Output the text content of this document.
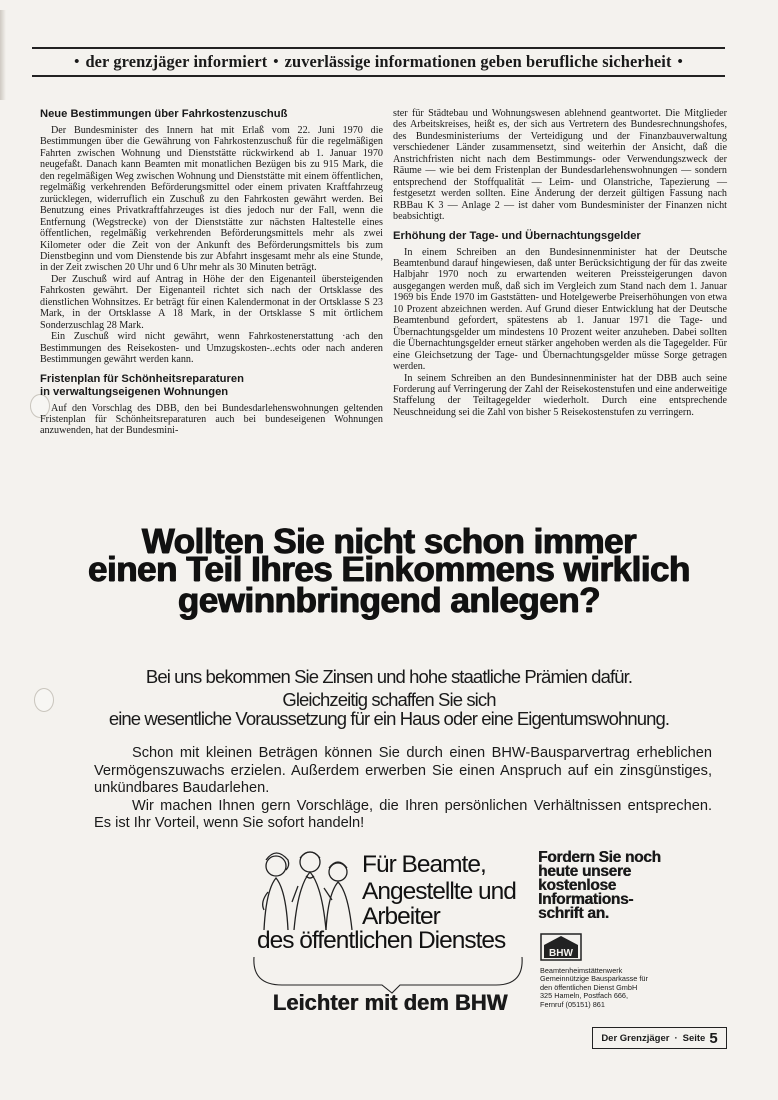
• der grenzjäger informiert • zuverlässige informationen geben berufliche sicherheit •
Neue Bestimmungen über Fahrkostenzuschuß

Der Bundesminister des Innern hat mit Erlaß vom 22. Juni 1970 die Bestimmungen über die Gewährung von Fahrkostenzuschuß für die regelmäßigen Fahrten zwischen Wohnung und Dienststätte rückwirkend ab 1. Januar 1970 neugefaßt. Danach kann Beamten mit monatlichen Bezügen bis zu 915 Mark, die den regelmäßigen Weg zwischen Wohnung und Dienststätte mit einem öffentlichen, regelmäßig verkehrenden Beförderungsmittel oder einem privaten Kraftfahrzeug zurücklegen, widerruflich ein Zuschuß zu den Fahrkosten gewährt werden. Bei Benutzung eines Privatkraftfahrzeuges ist dies jedoch nur der Fall, wenn die Entfernung (Wegstrecke) von der Dienststätte zur nächsten Haltestelle eines öffentlichen, regelmäßig verkehrenden Beförderungsmittels mehr als zwei Kilometer oder die Zeit von der Ankunft des Beförderungsmittels bis zum Dienstbeginn und vom Dienstende bis zur Abfahrt insgesamt mehr als eine Stunde, in der Zeit zwischen 20 Uhr und 6 Uhr mehr als 30 Minuten beträgt.

Der Zuschuß wird auf Antrag in Höhe der den Eigenanteil übersteigenden Fahrkosten gewährt. Der Eigenanteil richtet sich nach der Ortsklasse des dienstlichen Wohnsitzes. Er beträgt für einen Kalendermonat in der Ortsklasse S 23 Mark, in der Ortsklasse A 18 Mark, in der Ortsklasse S mit örtlichem Sonderzuschlag 28 Mark.

Ein Zuschuß wird nicht gewährt, wenn Fahrkostenerstattung ·ach den Bestimmungen des Reisekosten- und Umzugskosten-..echts oder nach anderen Bestimmungen gewährt werden kann.

Fristenplan für Schönheitsreparaturen
in verwaltungseigenen Wohnungen

Auf den Vorschlag des DBB, den bei Bundesdarlehenswohnungen geltenden Fristenplan für Schönheitsreparaturen auch bei bundeseigenen Wohnungen anzuwenden, hat der Bundesmini-

ster für Städtebau und Wohnungswesen ablehnend geantwortet. Die Mitglieder des Arbeitskreises, heißt es, der sich aus Vertretern des Bundesrechnungshofes, des Bundesministeriums der Verteidigung und der Finanzbauverwaltung verschiedener Länder zusammensetzt, sind weiterhin der Ansicht, daß die Anstrichfristen nicht nach dem Bestimmungs- oder Verwendungszweck der Räume — wie bei dem Fristenplan der Bundesdarlehenswohnungen — sondern entsprechend der Stoffqualität — Leim- und Olanstriche, Tapezierung — festgesetzt werden sollten. Eine Änderung der derzeit gültigen Fassung nach RBBau K 3 — Anlage 2 — ist daher vom Bundesminister der Finanzen nicht beabsichtigt.

Erhöhung der Tage- und Übernachtungsgelder

In einem Schreiben an den Bundesinnenminister hat der Deutsche Beamtenbund darauf hingewiesen, daß unter Berücksichtigung der für das zweite Halbjahr 1970 noch zu erwartenden weiteren Preissteigerungen davon ausgegangen werden muß, daß sich im Vergleich zum Stand nach dem 1. Januar 1969 bis Ende 1970 im Gaststätten- und Hotelgewerbe Preiserhöhungen von etwa 10 Prozent abzeichnen werden. Auf Grund dieser Entwicklung hat der Deutsche Beamtenbund gefordert, spätestens ab 1. Januar 1971 die Tage- und Übernachtungsgelder um mindestens 10 Prozent weiter anzuheben. Dabei sollten die Übernachtungsgelder erneut stärker angehoben werden als die Tagegelder. Für eine Gleichsetzung der Tage- und Übernachtungsgelder müsse Sorge getragen werden.

In seinem Schreiben an den Bundesinnenminister hat der DBB auch seine Forderung auf Verringerung der Zahl der Reisekostenstufen und eine anderweitige Staffelung der Teiltagegelder wiederholt. Durch eine entsprechende Neuschneidung sei die Zahl von bisher 5 Reisekostenstufen zu verringern.

Wollten Sie nicht schon immer
einen Teil Ihres Einkommens wirklich
gewinnbringend anlegen?
Bei uns bekommen Sie Zinsen und hohe staatliche Prämien dafür.
Gleichzeitig schaffen Sie sich
eine wesentliche Voraussetzung für ein Haus oder eine Eigentumswohnung.

Schon mit kleinen Beträgen können Sie durch einen BHW-Bausparvertrag erheblichen Vermögenszuwachs erzielen. Außerdem erwerben Sie einen Anspruch auf ein zinsgünstiges, unkündbares Baudarlehen.

Wir machen Ihnen gern Vorschläge, die Ihren persönlichen Verhältnissen entsprechen. Es ist Ihr Vorteil, wenn Sie sofort handeln!

Für Beamte,
Angestellte und
Arbeiter
des öffentlichen Dienstes
Leichter mit dem BHW
Fordern Sie noch
heute unsere
kostenlose
Informations-
schrift an.
BHW
Beamtenheimstättenwerk
Gemeinnützige Bausparkasse für
den öffentlichen Dienst GmbH
325 Hameln, Postfach 666,
Fernruf (05151) 861
Der Grenzjäger · Seite 5
